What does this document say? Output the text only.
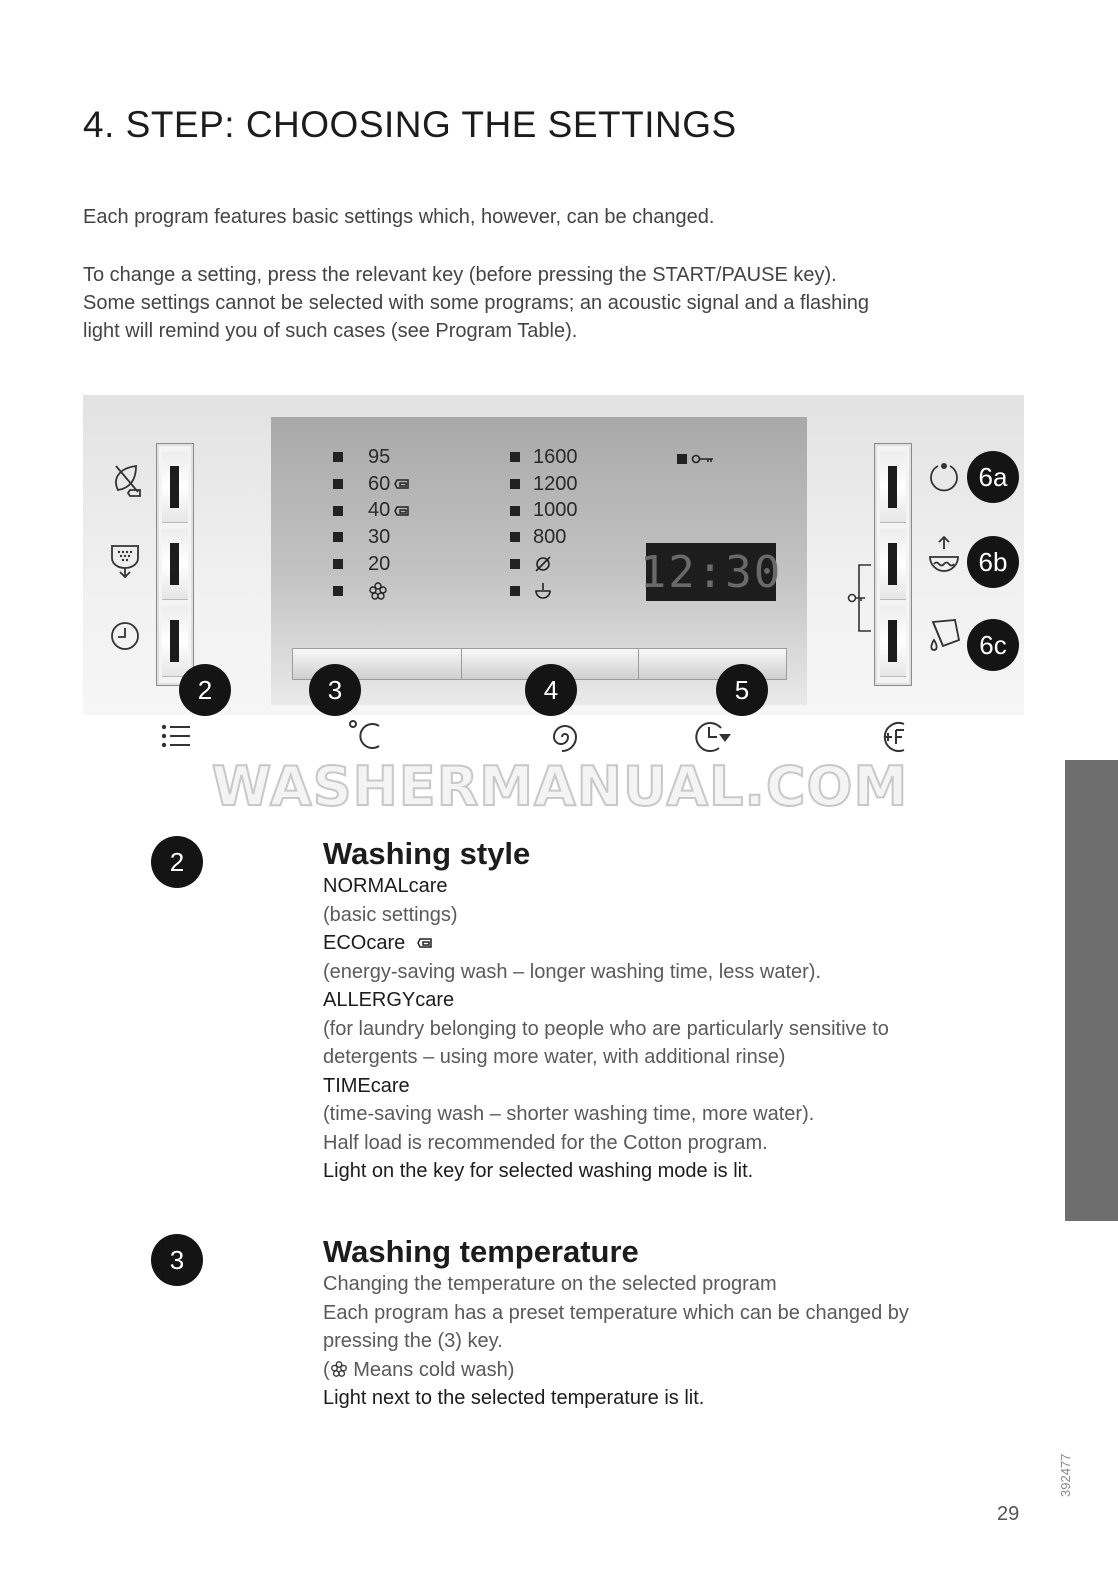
4. STEP: CHOOSING THE SETTINGS

Each program features basic settings which, however, can be changed.

To change a setting, press the relevant key (before pressing the START/PAUSE key).

Some settings cannot be selected with some programs; an acoustic signal and a flashing

light will remind you of such cases (see Program Table).

95
60
40
30
20
1600
1200
1000
800
12:30
2	3	4	5
6a
6b
6c
WASHERMANUAL.COM
2	Washing style
NORMALcare
(basic settings)
ECOcare
(energy-saving wash – longer washing time, less water).
ALLERGYcare
(for laundry belonging to people who are particularly sensitive to
detergents – using more water, with additional rinse)
TIMEcare
(time-saving wash – shorter washing time, more water).
Half load is recommended for the Cotton program.
Light on the key for selected washing mode is lit.
3	Washing temperature
Changing the temperature on the selected program
Each program has a preset temperature which can be changed by
pressing the (3) key.
( Means cold wash)
Light next to the selected temperature is lit.
392477
29
